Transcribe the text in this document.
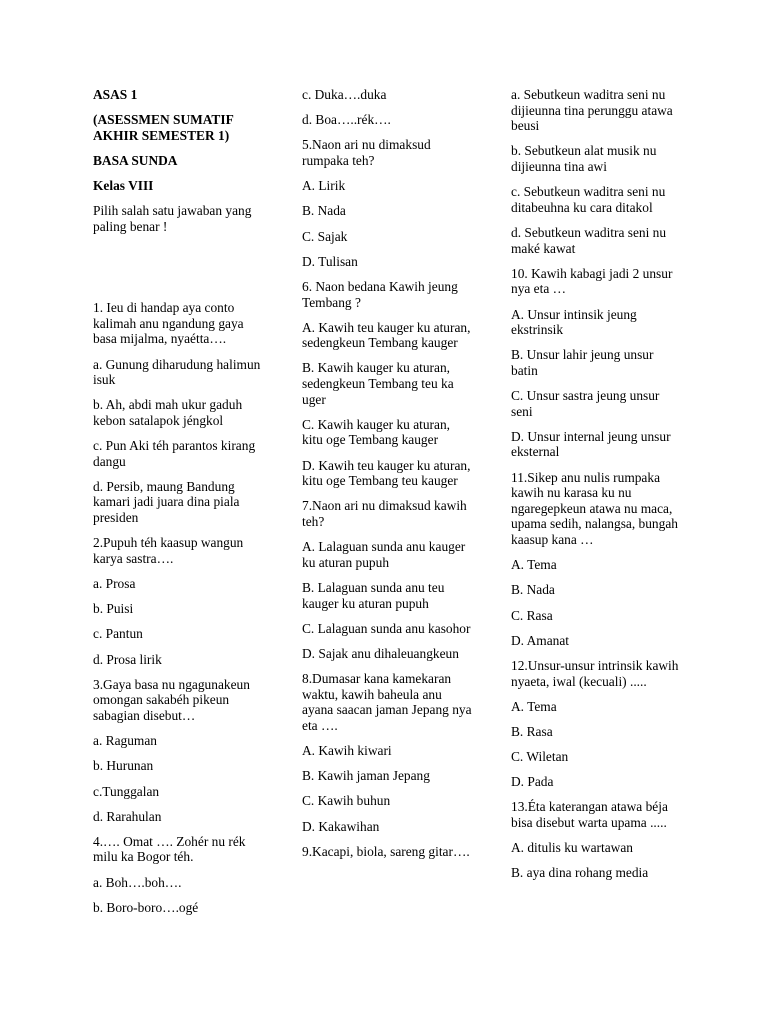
ASAS 1
(ASESSMEN SUMATIF AKHIR SEMESTER 1)
BASA SUNDA
Kelas VIII
Pilih salah satu jawaban yang paling benar !
1. Ieu di handap aya conto kalimah anu ngandung gaya basa mijalma, nyaétta….
a. Gunung diharudung halimun isuk
b. Ah, abdi mah ukur gaduh kebon satalapok jéngkol
c. Pun Aki téh parantos kirang dangu
d. Persib, maung Bandung kamari jadi juara dina piala presiden
2.Pupuh téh kaasup wangun karya sastra….
a. Prosa
b. Puisi
c. Pantun
d. Prosa lirik
3.Gaya basa nu ngagunakeun omongan sakabéh pikeun sabagian disebut…
a. Raguman
b. Hurunan
c.Tunggalan
d. Rarahulan
4.…. Omat …. Zohér nu rék milu ka Bogor téh.
a. Boh….boh….
b. Boro-boro….ogé
c. Duka….duka
d. Boa…..rék….
5.Naon ari nu dimaksud rumpaka teh?
A. Lirik
B. Nada
C. Sajak
D. Tulisan
6. Naon bedana Kawih jeung Tembang ?
A. Kawih teu kauger ku aturan, sedengkeun Tembang kauger
B. Kawih kauger ku aturan, sedengkeun Tembang teu ka uger
C. Kawih kauger ku aturan, kitu oge Tembang kauger
D. Kawih teu kauger ku aturan, kitu oge Tembang teu kauger
7.Naon ari nu dimaksud kawih teh?
A. Lalaguan sunda anu kauger ku aturan pupuh
B. Lalaguan sunda anu teu kauger ku aturan pupuh
C. Lalaguan sunda anu kasohor
D. Sajak anu dihaleuangkeun
8.Dumasar kana kamekaran waktu, kawih baheula anu ayana saacan jaman Jepang nya eta ….
A. Kawih kiwari
B. Kawih jaman Jepang
C. Kawih buhun
D. Kakawihan
9.Kacapi, biola, sareng gitar….
a. Sebutkeun waditra seni nu dijieunna tina perunggu atawa beusi
b. Sebutkeun alat musik nu dijieunna tina awi
c. Sebutkeun waditra seni nu ditabeuhna ku cara ditakol
d. Sebutkeun waditra seni nu maké kawat
10. Kawih kabagi jadi 2 unsur nya eta …
A. Unsur intinsik jeung ekstrinsik
B. Unsur lahir jeung unsur batin
C. Unsur sastra jeung unsur seni
D. Unsur internal jeung unsur eksternal
11.Sikep anu nulis rumpaka kawih nu karasa ku nu ngaregepkeun atawa nu maca, upama sedih, nalangsa, bungah kaasup kana …
A. Tema
B. Nada
C. Rasa
D. Amanat
12.Unsur-unsur intrinsik kawih nyaeta, iwal (kecuali) .....
A. Tema
B. Rasa
C. Wiletan
D. Pada
13.Éta katerangan atawa béja bisa disebut warta upama .....
A. ditulis ku wartawan
B. aya dina rohang media
